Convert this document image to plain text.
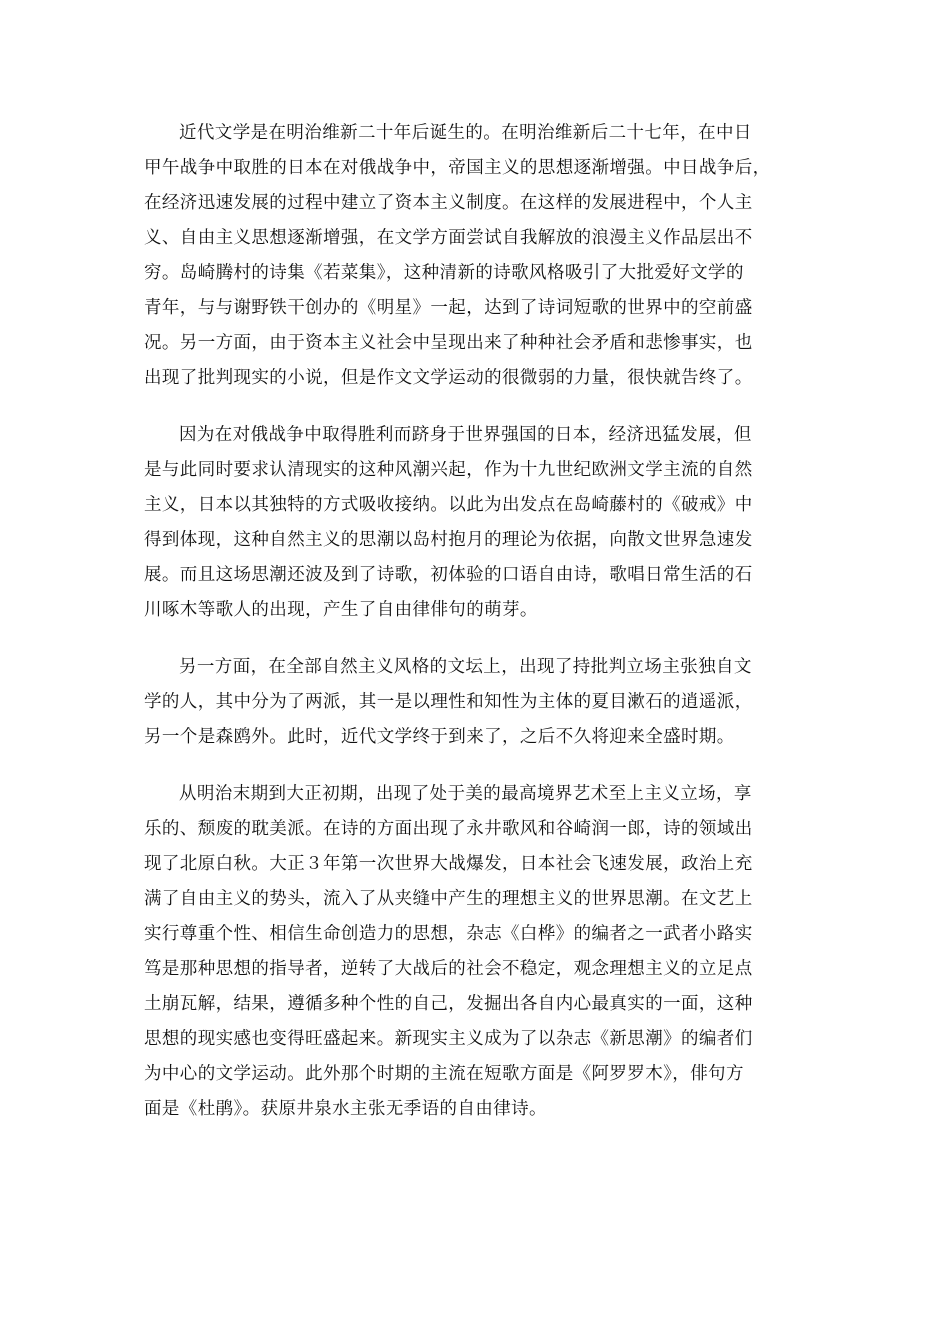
近代文学是在明治维新二十年后诞生的。在明治维新后二十七年，在中日
甲午战争中取胜的日本在对俄战争中，帝国主义的思想逐渐增强。中日战争后，
在经济迅速发展的过程中建立了资本主义制度。在这样的发展进程中，个人主
义、自由主义思想逐渐增强，在文学方面尝试自我解放的浪漫主义作品层出不
穷。岛崎腾村的诗集《若菜集》，这种清新的诗歌风格吸引了大批爱好文学的
青年，与与谢野铁干创办的《明星》一起，达到了诗词短歌的世界中的空前盛
况。另一方面，由于资本主义社会中呈现出来了种种社会矛盾和悲惨事实，也
出现了批判现实的小说，但是作文文学运动的很微弱的力量，很快就告终了。

因为在对俄战争中取得胜利而跻身于世界强国的日本，经济迅猛发展，但
是与此同时要求认清现实的这种风潮兴起，作为十九世纪欧洲文学主流的自然
主义，日本以其独特的方式吸收接纳。以此为出发点在岛崎藤村的《破戒》中
得到体现，这种自然主义的思潮以岛村抱月的理论为依据，向散文世界急速发
展。而且这场思潮还波及到了诗歌，初体验的口语自由诗，歌唱日常生活的石
川啄木等歌人的出现，产生了自由律俳句的萌芽。

另一方面，在全部自然主义风格的文坛上，出现了持批判立场主张独自文
学的人，其中分为了两派，其一是以理性和知性为主体的夏目漱石的逍遥派，
另一个是森鸥外。此时，近代文学终于到来了，之后不久将迎来全盛时期。

从明治末期到大正初期，出现了处于美的最高境界艺术至上主义立场，享
乐的、颓废的耽美派。在诗的方面出现了永井歌风和谷崎润一郎，诗的领域出
现了北原白秋。大正３年第一次世界大战爆发，日本社会飞速发展，政治上充
满了自由主义的势头，流入了从夹缝中产生的理想主义的世界思潮。在文艺上
实行尊重个性、相信生命创造力的思想，杂志《白桦》的编者之一武者小路实
笃是那种思想的指导者，逆转了大战后的社会不稳定，观念理想主义的立足点
土崩瓦解，结果，遵循多种个性的自己，发掘出各自内心最真实的一面，这种
思想的现实感也变得旺盛起来。新现实主义成为了以杂志《新思潮》的编者们
为中心的文学运动。此外那个时期的主流在短歌方面是《阿罗罗木》，俳句方
面是《杜鹃》。获原井泉水主张无季语的自由律诗。
